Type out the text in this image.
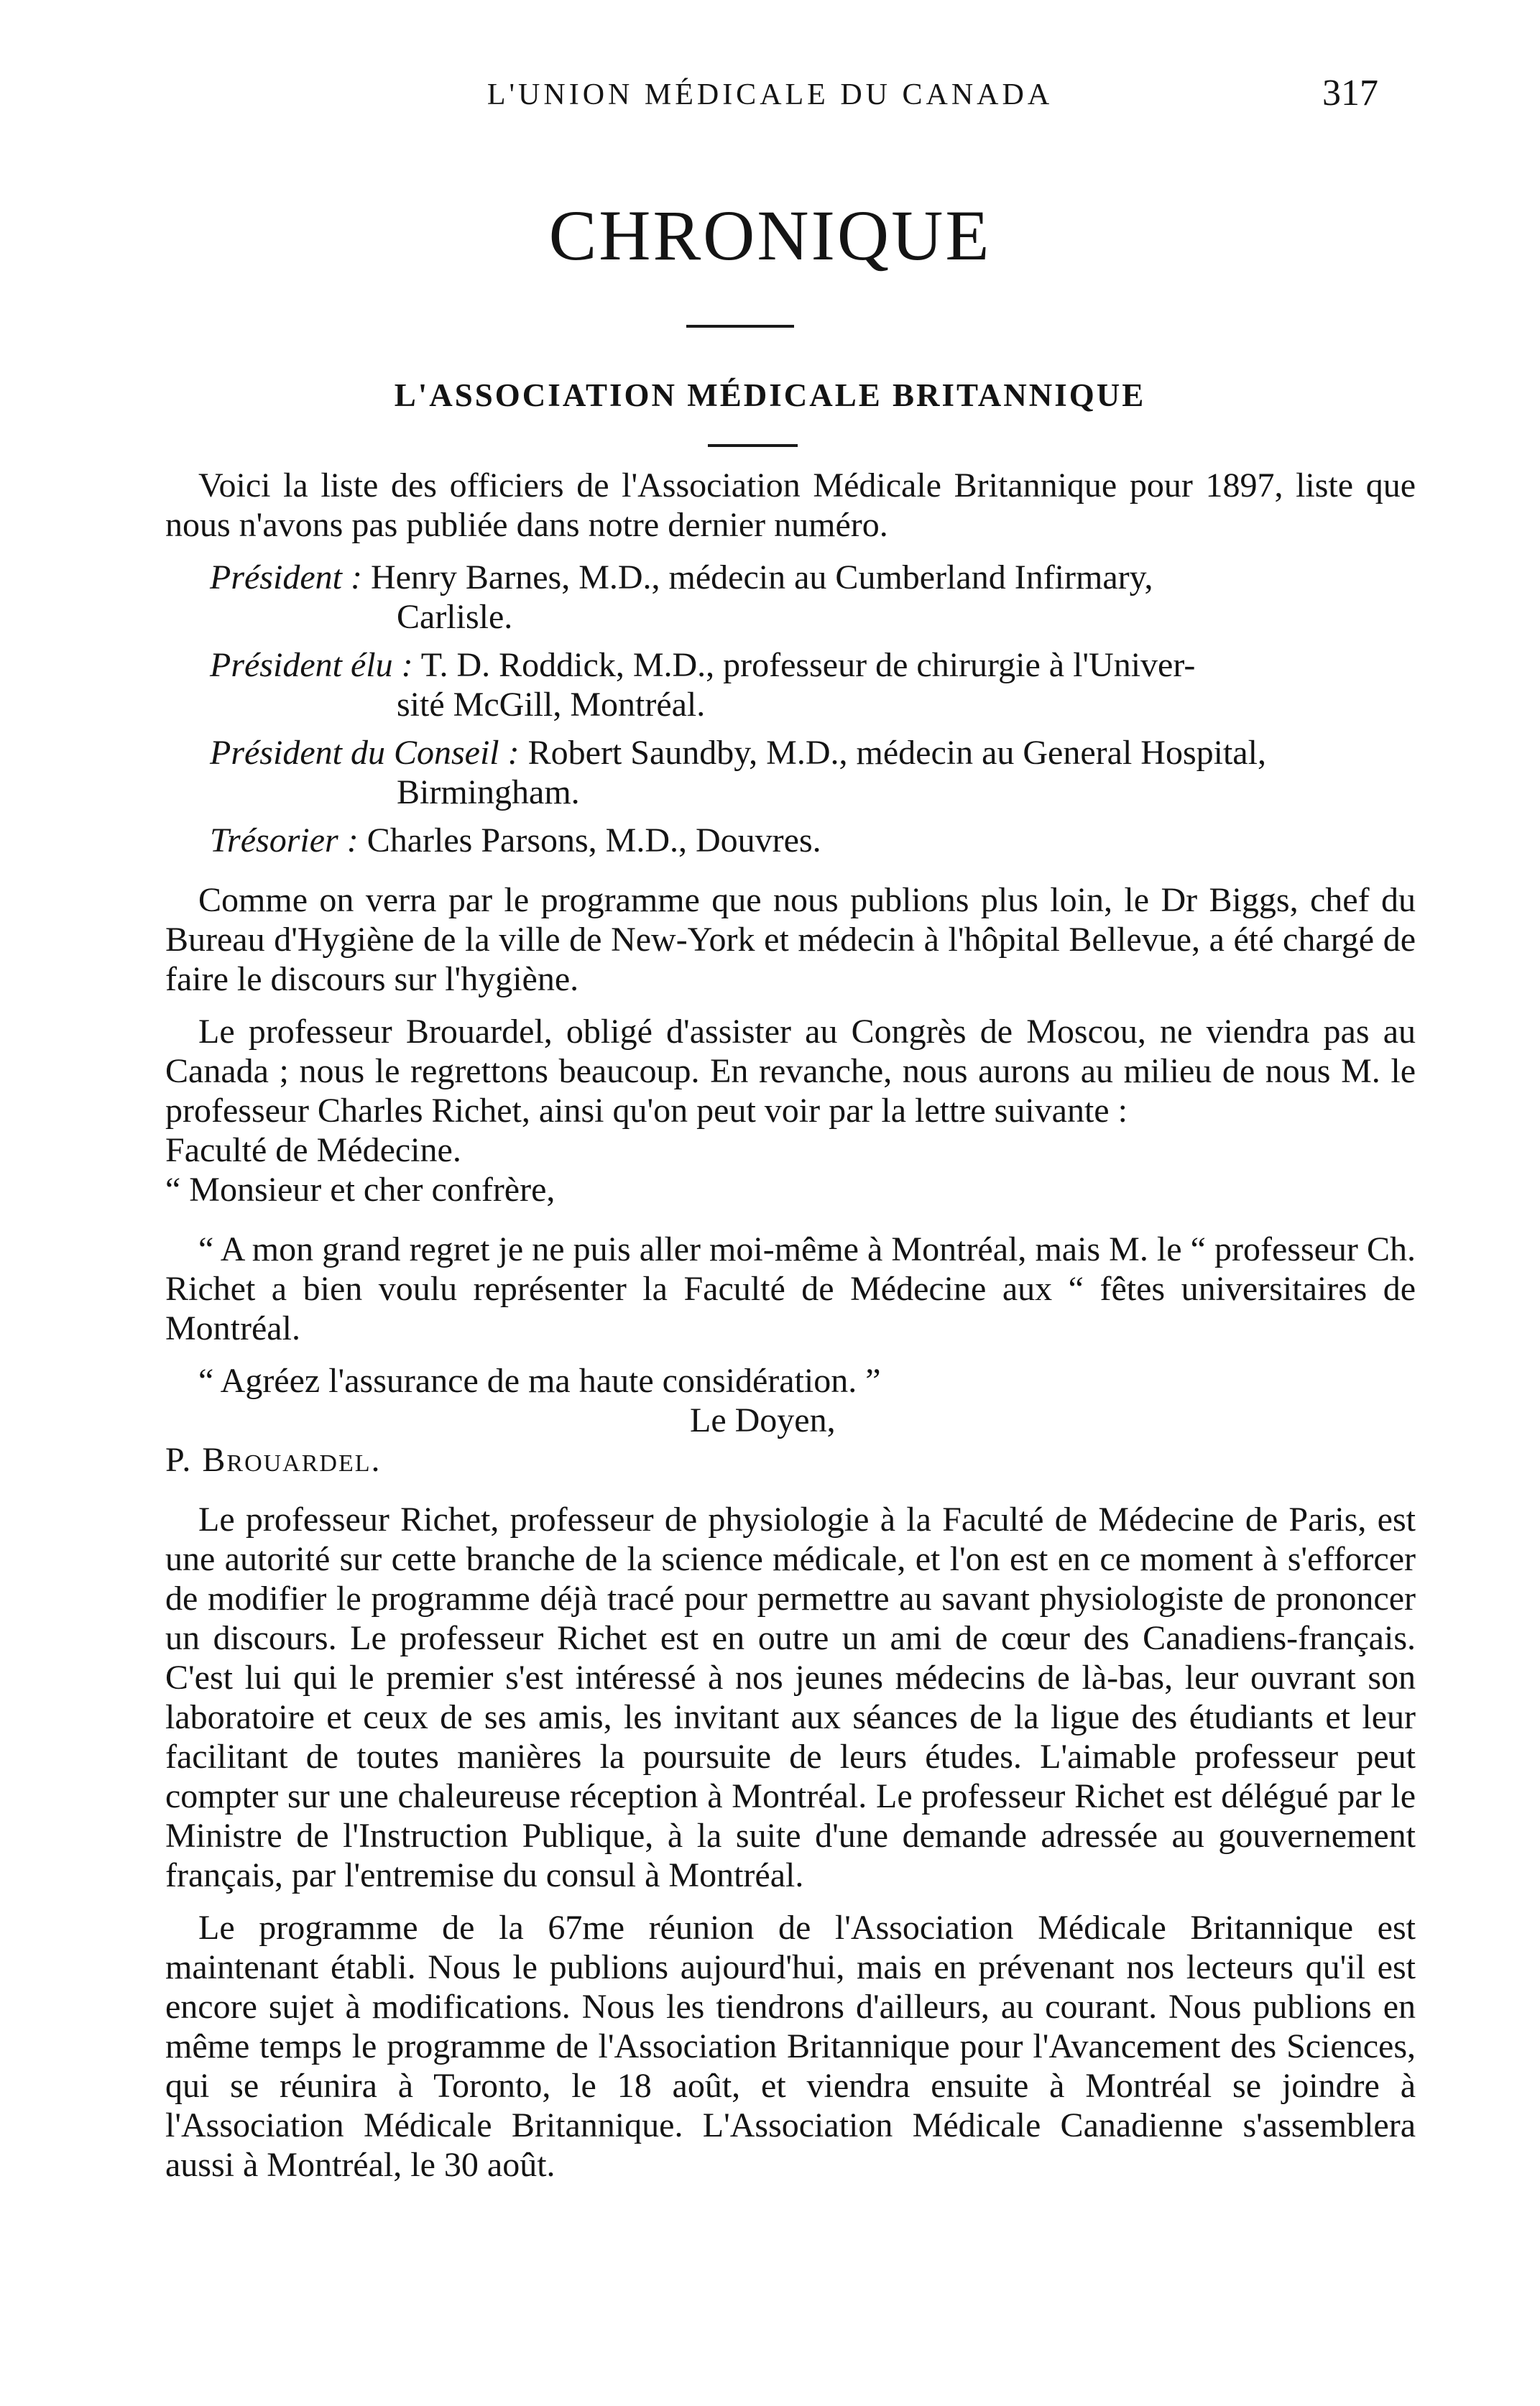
L'UNION MÉDICALE DU CANADA	317
CHRONIQUE
L'ASSOCIATION MÉDICALE BRITANNIQUE

Voici la liste des officiers de l'Association Médicale Britannique pour 1897, liste que nous n'avons pas publiée dans notre dernier numéro.

Président : Henry Barnes, M.D., médecin au Cumberland Infirmary,
Carlisle.
Président élu : T. D. Roddick, M.D., professeur de chirurgie à l'Univer-
sité McGill, Montréal.
Président du Conseil : Robert Saundby, M.D., médecin au General Hospital,
Birmingham.
Trésorier : Charles Parsons, M.D., Douvres.

Comme on verra par le programme que nous publions plus loin, le Dr Biggs, chef du Bureau d'Hygiène de la ville de New-York et médecin à l'hôpital Bellevue, a été chargé de faire le discours sur l'hygiène.

Le professeur Brouardel, obligé d'assister au Congrès de Moscou, ne viendra pas au Canada ; nous le regrettons beaucoup. En revanche, nous aurons au milieu de nous M. le professeur Charles Richet, ainsi qu'on peut voir par la lettre suivante :

Faculté de Médecine.

“ Monsieur et cher confrère,

“ A mon grand regret je ne puis aller moi-même à Montréal, mais M. le “ professeur Ch. Richet a bien voulu représenter la Faculté de Médecine aux “ fêtes universitaires de Montréal.

“ Agréez l'assurance de ma haute considération. ”

Le Doyen,

P. Brouardel.

Le professeur Richet, professeur de physiologie à la Faculté de Médecine de Paris, est une autorité sur cette branche de la science médicale, et l'on est en ce moment à s'efforcer de modifier le programme déjà tracé pour permettre au savant physiologiste de prononcer un discours. Le professeur Richet est en outre un ami de cœur des Canadiens-français. C'est lui qui le premier s'est intéressé à nos jeunes médecins de là-bas, leur ouvrant son laboratoire et ceux de ses amis, les invitant aux séances de la ligue des étudiants et leur facilitant de toutes manières la poursuite de leurs études. L'aimable professeur peut compter sur une chaleureuse réception à Montréal. Le professeur Richet est délégué par le Ministre de l'Instruction Publique, à la suite d'une demande adressée au gouvernement français, par l'entremise du consul à Montréal.

Le programme de la 67me réunion de l'Association Médicale Britannique est maintenant établi. Nous le publions aujourd'hui, mais en prévenant nos lecteurs qu'il est encore sujet à modifications. Nous les tiendrons d'ailleurs, au courant. Nous publions en même temps le programme de l'Association Britannique pour l'Avancement des Sciences, qui se réunira à Toronto, le 18 août, et viendra ensuite à Montréal se joindre à l'Association Médicale Britannique. L'Association Médicale Canadienne s'assemblera aussi à Montréal, le 30 août.
